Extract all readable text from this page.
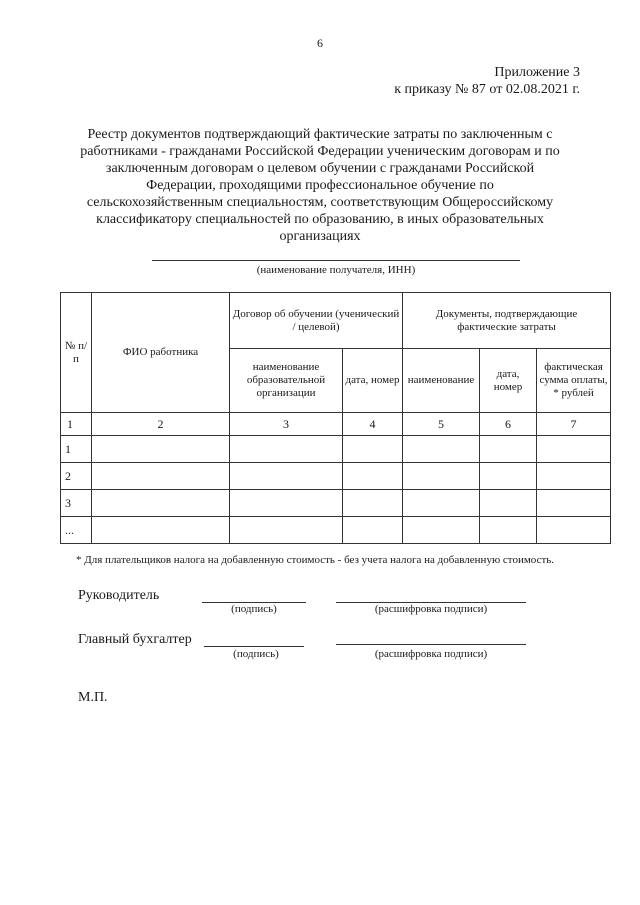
6
Приложение 3
к приказу № 87 от 02.08.2021 г.
Реестр документов подтверждающий фактические затраты по заключенным с
работниками - гражданами Российской Федерации ученическим договорам и по
заключенным договорам о целевом обучении с гражданами Российской
Федерации, проходящими профессиональное обучение по
сельскохозяйственным специальностям, соответствующим Общероссийскому
классификатору специальностей по образованию, в иных образовательных
организациях
(наименование получателя, ИНН)
№ п/п	ФИО работника	Договор об обучении (ученический / целевой)		Документы, подтверждающие фактические затраты		
		наименование образовательной организации	дата, номер	наименование	дата, номер	фактическая сумма оплаты, * рублей
1	2	3	4	5	6	7
1						
2						
3						
...						
* Для плательщиков налога на добавленную стоимость - без учета налога на добавленную стоимость.
Руководитель
(подпись)	(расшифровка подписи)
Главный бухгалтер
(подпись)	(расшифровка подписи)
М.П.
